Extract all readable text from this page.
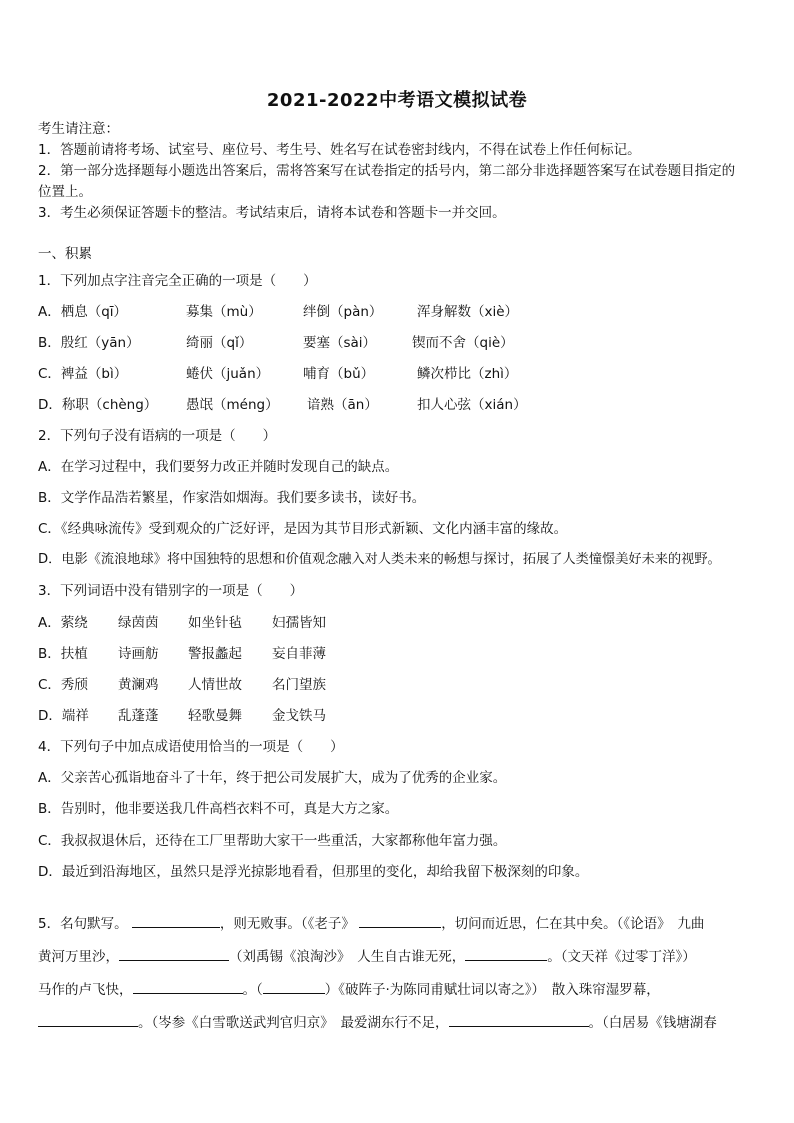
2021-2022中考语文模拟试卷
考生请注意：
1．答题前请将考场、试室号、座位号、考生号、姓名写在试卷密封线内，不得在试卷上作任何标记。
2．第一部分选择题每小题选出答案后，需将答案写在试卷指定的括号内，第二部分非选择题答案写在试卷题目指定的
位置上。
3．考生必须保证答题卡的整洁。考试结束后，请将本试卷和答题卡一并交回。
一、积累
1．下列加点字注音完全正确的一项是（　　）
A．栖息（qī）	募集（mù）	绊倒（pàn）	浑身解数（xiè）
B．殷红（yān）	绮丽（qǐ）	要塞（sài）	锲而不舍（qiè）
C．裨益（bì）	蜷伏（juǎn）	哺育（bǔ）	鳞次栉比（zhì）
D．称职（chèng） 愚氓（méng） 谙熟（ān）	扣人心弦（xián）
2．下列句子没有语病的一项是（　　）
A．在学习过程中，我们要努力改正并随时发现自己的缺点。
B．文学作品浩若繁星，作家浩如烟海。我们要多读书，读好书。
C．《经典咏流传》受到观众的广泛好评，是因为其节目形式新颖、文化内涵丰富的缘故。
D．电影《流浪地球》将中国独特的思想和价值观念融入对人类未来的畅想与探讨，拓展了人类憧憬美好未来的视野。
3．下列词语中没有错别字的一项是（　　）
A．萦绕 绿茵茵 如坐针毡 妇孺皆知
B．扶植 诗画舫 警报蠡起 妄自菲薄
C．秀颀 黄澜鸡 人情世故 名门望族
D．端祥 乱蓬蓬 轻歌曼舞 金戈铁马
4．下列句子中加点成语使用恰当的一项是（　　）
A．父亲苦心孤诣地奋斗了十年，终于把公司发展扩大，成为了优秀的企业家。
B．告别时，他非要送我几件高档衣料不可，真是大方之家。
C．我叔叔退休后，还待在工厂里帮助大家干一些重活，大家都称他年富力强。
D．最近到沿海地区，虽然只是浮光掠影地看看，但那里的变化，却给我留下极深刻的印象。
5．名句默写。	，则无败事。（《老子》	，切问而近思，仁在其中矣。（《论语》　九曲
黄河万里沙，	（刘禹锡《浪淘沙》　人生自古谁无死，	。（文天祥《过零丁洋》）
马作的卢飞快，	。（	）《破阵子·为陈同甫赋壮词以寄之》）　散入珠帘湿罗幕，
。（岑参《白雪歌送武判官归京》　最爱湖东行不足，	。（白居易《钱塘湖春
